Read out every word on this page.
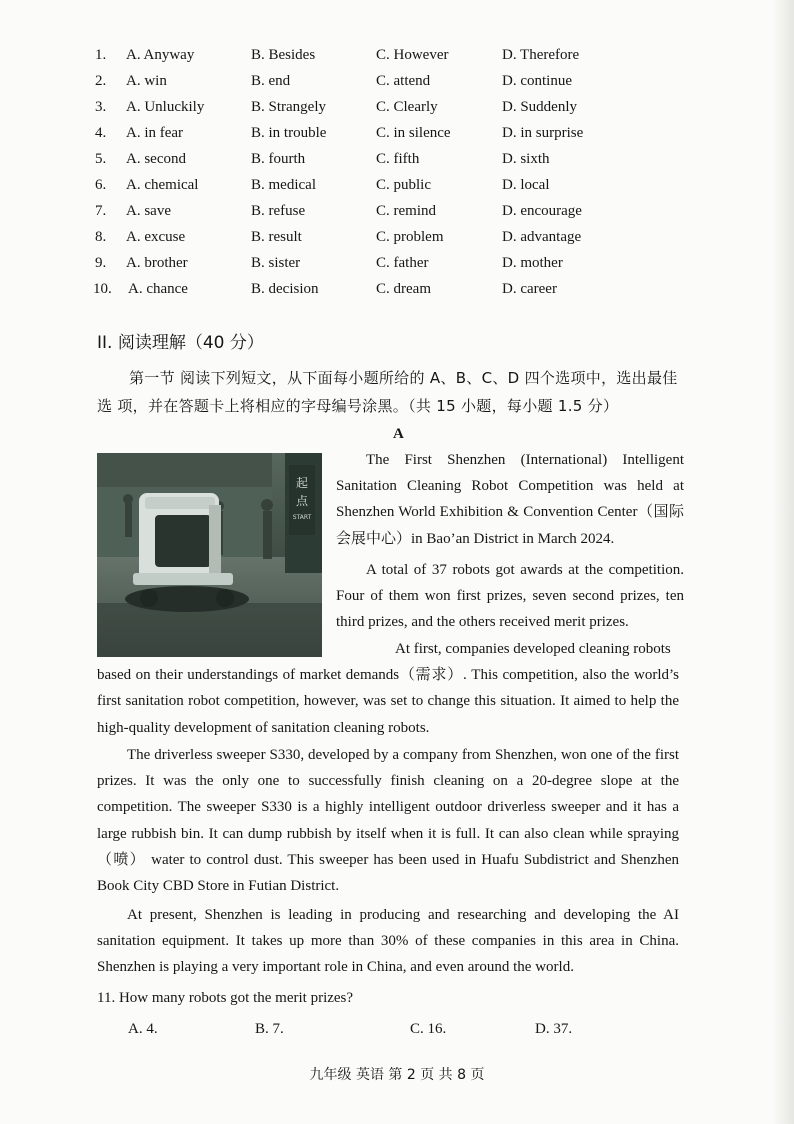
1. A. Anyway	B. Besides	C. However	D. Therefore
2. A. win	B. end	C. attend	D. continue
3. A. Unluckily	B. Strangely	C. Clearly	D. Suddenly
4. A. in fear	B. in trouble	C. in silence	D. in surprise
5. A. second	B. fourth	C. fifth	D. sixth
6. A. chemical	B. medical	C. public	D. local
7. A. save	B. refuse	C. remind	D. encourage
8. A. excuse	B. result	C. problem	D. advantage
9. A. brother	B. sister	C. father	D. mother
10. A. chance	B. decision	C. dream	D. career
II. 阅读理解（40 分）
第一节 阅读下列短文，从下面每小题所给的 A、B、C、D 四个选项中，选出最佳选 项，并在答题卡上将相应的字母编号涂黑。（共 15 小题，每小题 1.5 分）
A
起
点
START
The First Shenzhen (International) Intelligent Sanitation Cleaning Robot Competition was held at Shenzhen World Exhibition & Convention Center（国际会展中心）in Bao’an District in March 2024.
A total of 37 robots got awards at the competition. Four of them won first prizes, seven second prizes, ten third prizes, and the others received merit prizes.
At first, companies developed cleaning robots
based on their understandings of market demands（需求）. This competition, also the world’s first sanitation robot competition, however, was set to change this situation. It aimed to help the high-quality development of sanitation cleaning robots.
The driverless sweeper S330, developed by a company from Shenzhen, won one of the first prizes. It was the only one to successfully finish cleaning on a 20-degree slope at the competition. The sweeper S330 is a highly intelligent outdoor driverless sweeper and it has a large rubbish bin. It can dump rubbish by itself when it is full. It can also clean while spraying（喷） water to control dust. This sweeper has been used in Huafu Subdistrict and Shenzhen Book City CBD Store in Futian District.
At present, Shenzhen is leading in producing and researching and developing the AI sanitation equipment. It takes up more than 30% of these companies in this area in China. Shenzhen is playing a very important role in China, and even around the world.
11. How many robots got the merit prizes?
A. 4.	B. 7.	C. 16.	D. 37.
九年级 英语 第 2 页 共 8 页
